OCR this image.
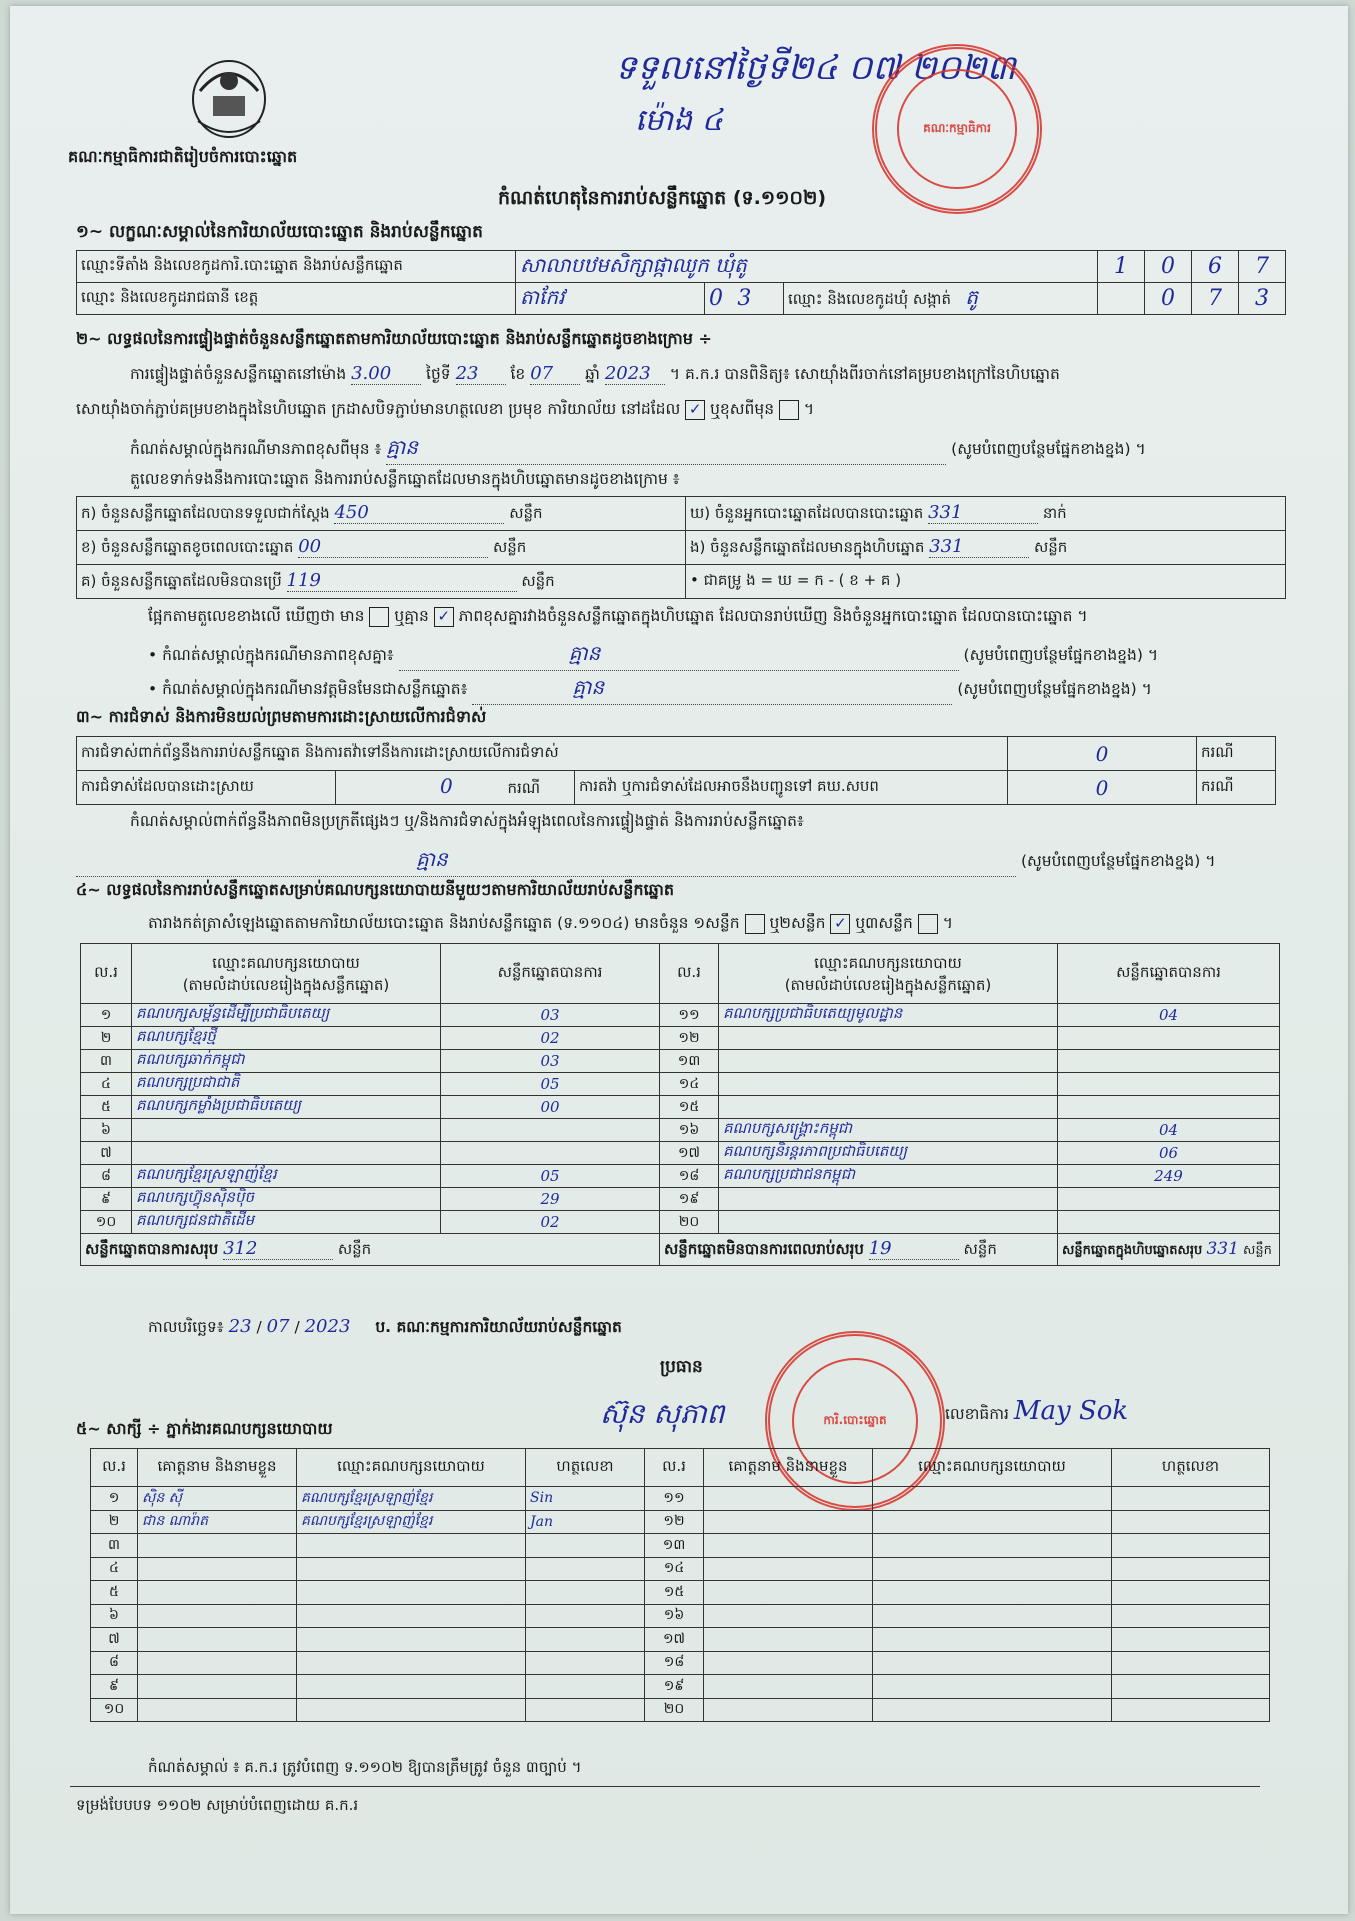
គណៈកម្មាធិការជាតិរៀបចំការបោះឆ្នោត
ទទួលនៅថ្ងៃទី២៤ ០៧ ២០២៣
ម៉ោង ៤	គណៈកម្មាធិការ
កំណត់ហេតុនៃការរាប់សន្លឹកឆ្នោត (ទ.១១០២)
១~ លក្ខណៈសម្គាល់នៃការិយាល័យបោះឆ្នោត និងរាប់សន្លឹកឆ្នោត
ឈ្មោះទីតាំង និងលេខកូដការិ.បោះឆ្នោត និងរាប់សន្លឹកឆ្នោត	សាលាបឋមសិក្សាផ្កាឈូក ឃុំតូ			1	0	6	7
ឈ្មោះ និងលេខកូដរាជធានី ខេត្ត	តាកែវ	0 3	ឈ្មោះ និងលេខកូដឃុំ សង្កាត់ តូ		0	7	3
២~ លទ្ធផលនៃការផ្ទៀងផ្ទាត់ចំនួនសន្លឹកឆ្នោតតាមការិយាល័យបោះឆ្នោត និងរាប់សន្លឹកឆ្នោតដូចខាងក្រោម ÷
ការផ្ទៀងផ្ទាត់ចំនួនសន្លឹកឆ្នោតនៅម៉ោង 3.00 ថ្ងៃទី 23 ខែ 07 ឆ្នាំ 2023 ។ គ.ក.រ បានពិនិត្យ៖ សោយ៉ាំងពីរចាក់នៅគម្របខាងក្រៅនៃហិបឆ្នោត
សោយ៉ាំងចាក់ភ្ជាប់គម្របខាងក្នុងនៃហិបឆ្នោត ក្រដាសបិទភ្ជាប់មានហត្ថលេខា ប្រមុខ ការិយាល័យ នៅដដែល ✓ ឬខុសពីមុន  ។
កំណត់សម្គាល់ក្នុងករណីមានភាពខុសពីមុន ៖ គ្មាន	(សូមបំពេញបន្ថែមផ្នែកខាងខ្នង) ។
តួលេខទាក់ទងនឹងការបោះឆ្នោត និងការរាប់សន្លឹកឆ្នោតដែលមានក្នុងហិបឆ្នោតមានដូចខាងក្រោម ៖
ក) ចំនួនសន្លឹកឆ្នោតដែលបានទទួលជាក់ស្តែង 450 សន្លឹក	ឃ) ចំនួនអ្នកបោះឆ្នោតដែលបានបោះឆ្នោត 331 នាក់
ខ) ចំនួនសន្លឹកឆ្នោតខូចពេលបោះឆ្នោត 00 សន្លឹក	ង) ចំនួនសន្លឹកឆ្នោតដែលមានក្នុងហិបឆ្នោត 331 សន្លឹក
គ) ចំនួនសន្លឹកឆ្នោតដែលមិនបានប្រើ 119 សន្លឹក	• ជាគម្រូ ង = ឃ = ក - ( ខ + គ )
ផ្អែកតាមតួលេខខាងលើ ឃើញថា មាន ឬគ្មាន ✓ ភាពខុសគ្នារវាងចំនួនសន្លឹកឆ្នោតក្នុងហិបឆ្នោត ដែលបានរាប់ឃើញ និងចំនួនអ្នកបោះឆ្នោត ដែលបានបោះឆ្នោត ។
• កំណត់សម្គាល់ក្នុងករណីមានភាពខុសគ្នា៖	គ្មាន	(សូមបំពេញបន្ថែមផ្នែកខាងខ្នង) ។
• កំណត់សម្គាល់ក្នុងករណីមានវត្តមិនមែនជាសន្លឹកឆ្នោត៖	គ្មាន	(សូមបំពេញបន្ថែមផ្នែកខាងខ្នង) ។
៣~ ការជំទាស់ និងការមិនយល់ព្រមតាមការដោះស្រាយលើការជំទាស់
ការជំទាស់ពាក់ព័ន្ធនឹងការរាប់សន្លឹកឆ្នោត និងការតវ៉ាទៅនឹងការដោះស្រាយលើការជំទាស់			0	ករណី
ការជំទាស់ដែលបានដោះស្រាយ	0 ករណី	ការតវ៉ា ឬការជំទាស់ដែលអាចនឹងបញ្ជូនទៅ គឃ.សបព	0	ករណី
កំណត់សម្គាល់ពាក់ព័ន្ធនឹងភាពមិនប្រក្រតីផ្សេងៗ ឬ/និងការជំទាស់ក្នុងអំឡុងពេលនៃការផ្ទៀងផ្ទាត់ និងការរាប់សន្លឹកឆ្នោត៖
គ្មាន	(សូមបំពេញបន្ថែមផ្នែកខាងខ្នង) ។
៤~ លទ្ធផលនៃការរាប់សន្លឹកឆ្នោតសម្រាប់គណបក្សនយោបាយនីមួយៗតាមការិយាល័យរាប់សន្លឹកឆ្នោត
តារាងកត់ត្រាសំឡេងឆ្នោតតាមការិយាល័យបោះឆ្នោត និងរាប់សន្លឹកឆ្នោត (ទ.១១០៤) មានចំនួន ១សន្លឹក ឬ២សន្លឹក ✓ ឬ៣សន្លឹក  ។
ល.រ	ឈ្មោះគណបក្សនយោបាយ
(តាមលំដាប់លេខរៀងក្នុងសន្លឹកឆ្នោត)	សន្លឹកឆ្នោតបានការ	ល.រ	ឈ្មោះគណបក្សនយោបាយ
(តាមលំដាប់លេខរៀងក្នុងសន្លឹកឆ្នោត)	សន្លឹកឆ្នោតបានការ
១	គណបក្សសម្ព័ន្ធដើម្បីប្រជាធិបតេយ្យ	03	១១	គណបក្សប្រជាធិបតេយ្យមូលដ្ឋាន	04
២	គណបក្សខ្មែរថ្មី	02	១២		
៣	គណបក្សឆាក់កម្ពុជា	03	១៣		
៤	គណបក្សប្រជាជាតិ	05	១៤		
៥	គណបក្សកម្លាំងប្រជាធិបតេយ្យ	00	១៥		
៦			១៦	គណបក្សសង្គ្រោះកម្ពុជា	04
៧			១៧	គណបក្សនិរន្តរភាពប្រជាធិបតេយ្យ	06
៨	គណបក្សខ្មែរស្រឡាញ់ខ្មែរ	05	១៨	គណបក្សប្រជាជនកម្ពុជា	249
៩	គណបក្សហ៊្វុនស៊ិនប៉ិច	29	១៩		
១០	គណបក្សជនជាតិដើម	02	២០		
សន្លឹកឆ្នោតបានការសរុប 312 សន្លឹក			សន្លឹកឆ្នោតមិនបានការពេលរាប់សរុប 19 សន្លឹក		សន្លឹកឆ្នោតក្នុងហិបឆ្នោតសរុប 331 សន្លឹក
កាលបរិច្ឆេទ៖ 23 / 07 / 2023 ប. គណៈកម្មការការិយាល័យរាប់សន្លឹកឆ្នោត
ប្រធាន
ការិ.បោះឆ្នោត
ស៊ុន សុភាព	លេខាធិការ May Sok
៥~ សាក្សី ÷ ភ្នាក់ងារគណបក្សនយោបាយ
ល.រ	គោត្តនាម និងនាមខ្លួន	ឈ្មោះគណបក្សនយោបាយ	ហត្ថលេខា	ល.រ	គោត្តនាម និងនាមខ្លួន	ឈ្មោះគណបក្សនយោបាយ	ហត្ថលេខា
១	ស៊ិន សុី	គណបក្សខ្មែរស្រឡាញ់ខ្មែរ	Sin	១១			
២	ជាន ណារ៉ាត	គណបក្សខ្មែរស្រឡាញ់ខ្មែរ	Jan	១២			
៣				១៣			
៤				១៤			
៥				១៥			
៦				១៦			
៧				១៧			
៨				១៨			
៩				១៩			
១០				២០			
កំណត់សម្គាល់ ៖ គ.ក.រ ត្រូវបំពេញ ទ.១១០២ ឱ្យបានត្រឹមត្រូវ ចំនួន ៣ច្បាប់ ។
ទម្រង់បែបបទ ១១០២ សម្រាប់បំពេញដោយ គ.ក.រ
